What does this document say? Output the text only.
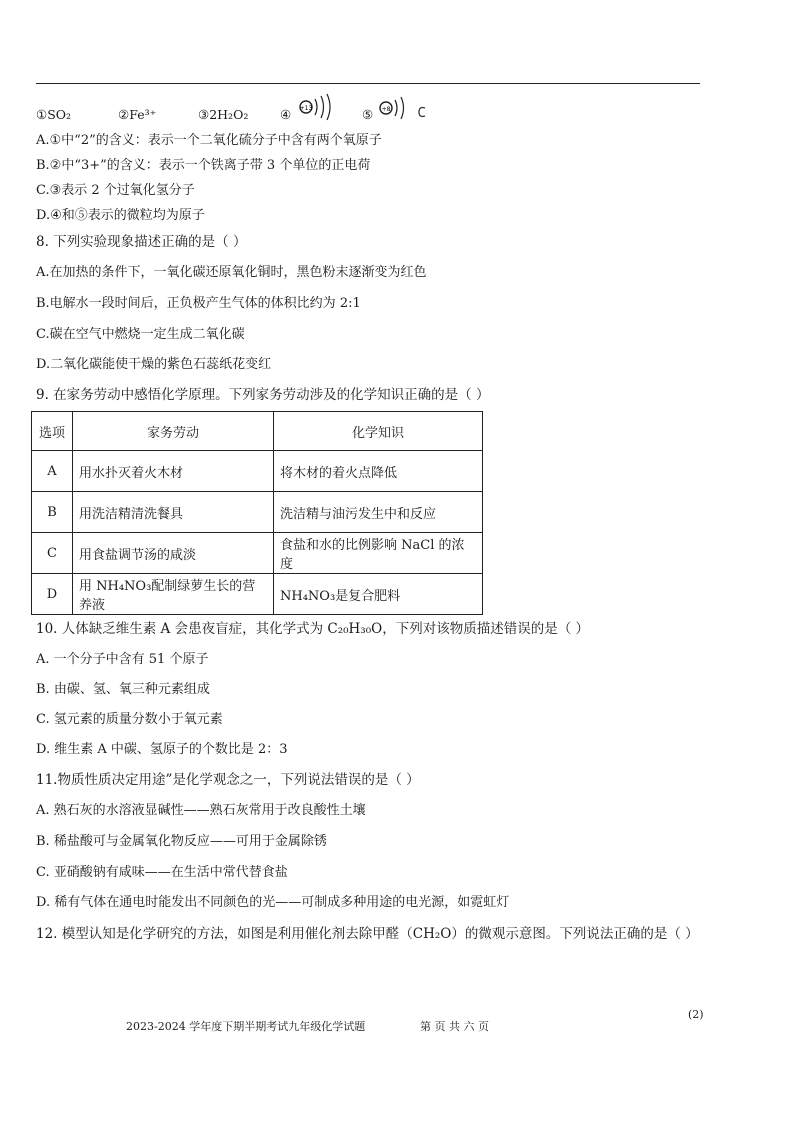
①SO₂	②Fe³⁺	③2H₂O₂	④ +13	⑤ +8
A.①中“2”的含义：表示一个二氧化硫分子中含有两个氧原子
B.②中“3+”的含义：表示一个铁离子带 3 个单位的正电荷
C.③表示 2 个过氧化氢分子
D.④和⑤表示的微粒均为原子
8. 下列实验现象描述正确的是（ ）
A.在加热的条件下，一氧化碳还原氧化铜时，黑色粉末逐渐变为红色
B.电解水一段时间后，正负极产生气体的体积比约为 2:1
C.碳在空气中燃烧一定生成二氧化碳
D.二氧化碳能使干燥的紫色石蕊纸花变红
9. 在家务劳动中感悟化学原理。下列家务劳动涉及的化学知识正确的是（ ）
选项	家务劳动	化学知识
A	用水扑灭着火木材	将木材的着火点降低
B	用洗洁精清洗餐具	洗洁精与油污发生中和反应
C	用食盐调节汤的咸淡	食盐和水的比例影响 NaCl 的浓度
D	用 NH₄NO₃配制绿萝生长的营养液	NH₄NO₃是复合肥料
10. 人体缺乏维生素 A 会患夜盲症，其化学式为 C₂₀H₃₀O，下列对该物质描述错误的是（ ）
A. 一个分子中含有 51 个原子
B. 由碳、氢、氧三种元素组成
C. 氢元素的质量分数小于氧元素
D. 维生素 A 中碳、氢原子的个数比是 2：3
11.物质性质决定用途”是化学观念之一，下列说法错误的是（ ）
A. 熟石灰的水溶液显碱性——熟石灰常用于改良酸性土壤
B. 稀盐酸可与金属氧化物反应——可用于金属除锈
C. 亚硝酸钠有咸味——在生活中常代替食盐
D. 稀有气体在通电时能发出不同颜色的光——可制成多种用途的电光源，如霓虹灯
12. 模型认知是化学研究的方法，如图是利用催化剂去除甲醛（CH₂O）的微观示意图。下列说法正确的是（ ）
2023-2024 学年度下期半期考试九年级化学试题	第 页 共 六 页
(2)
